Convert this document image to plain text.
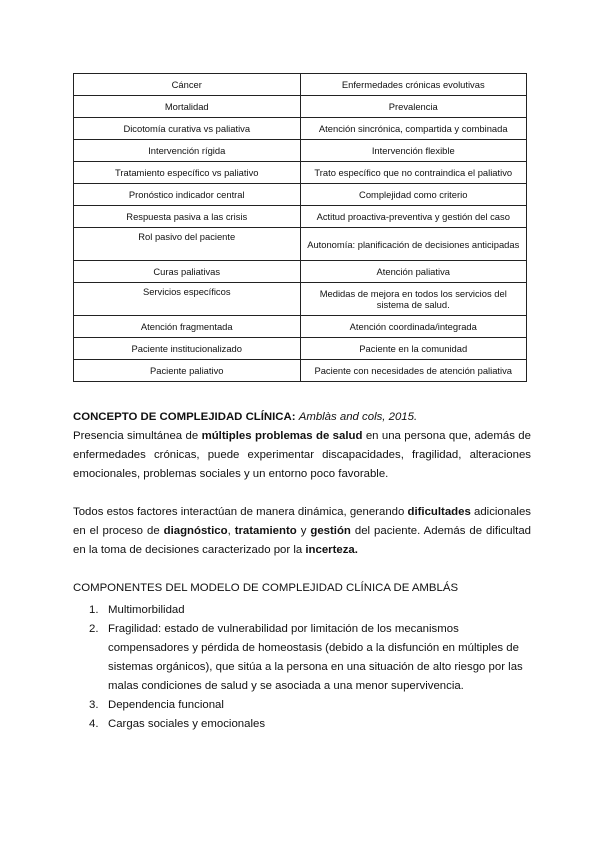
Cáncer	Enfermedades crónicas evolutivas
Mortalidad	Prevalencia
Dicotomía curativa vs paliativa	Atención sincrónica, compartida y combinada
Intervención rígida	Intervención flexible
Tratamiento específico vs paliativo	Trato específico que no contraindica el paliativo
Pronóstico indicador central	Complejidad como criterio
Respuesta pasiva a las crisis	Actitud proactiva-preventiva y gestión del caso
Rol pasivo del paciente	Autonomía: planificación de decisiones anticipadas
Curas paliativas	Atención paliativa
Servicios específicos	Medidas de mejora en todos los servicios del sistema de salud.
Atención fragmentada	Atención coordinada/integrada
Paciente institucionalizado	Paciente en la comunidad
Paciente paliativo	Paciente con necesidades de atención paliativa
CONCEPTO DE COMPLEJIDAD CLÍNICA: Amblàs and cols, 2015.
Presencia simultánea de múltiples problemas de salud en una persona que, además de enfermedades crónicas, puede experimentar discapacidades, fragilidad, alteraciones emocionales, problemas sociales y un entorno poco favorable.
Todos estos factores interactúan de manera dinámica, generando dificultades adicionales en el proceso de diagnóstico, tratamiento y gestión del paciente. Además de dificultad en la toma de decisiones caracterizado por la incerteza.
COMPONENTES DEL MODELO DE COMPLEJIDAD CLÍNICA DE AMBLÁS
1. Multimorbilidad
2. Fragilidad: estado de vulnerabilidad por limitación de los mecanismos compensadores y pérdida de homeostasis (debido a la disfunción en múltiples de sistemas orgánicos), que sitúa a la persona en una situación de alto riesgo por las malas condiciones de salud y se asociada a una menor supervivencia.
3. Dependencia funcional
4. Cargas sociales y emocionales
